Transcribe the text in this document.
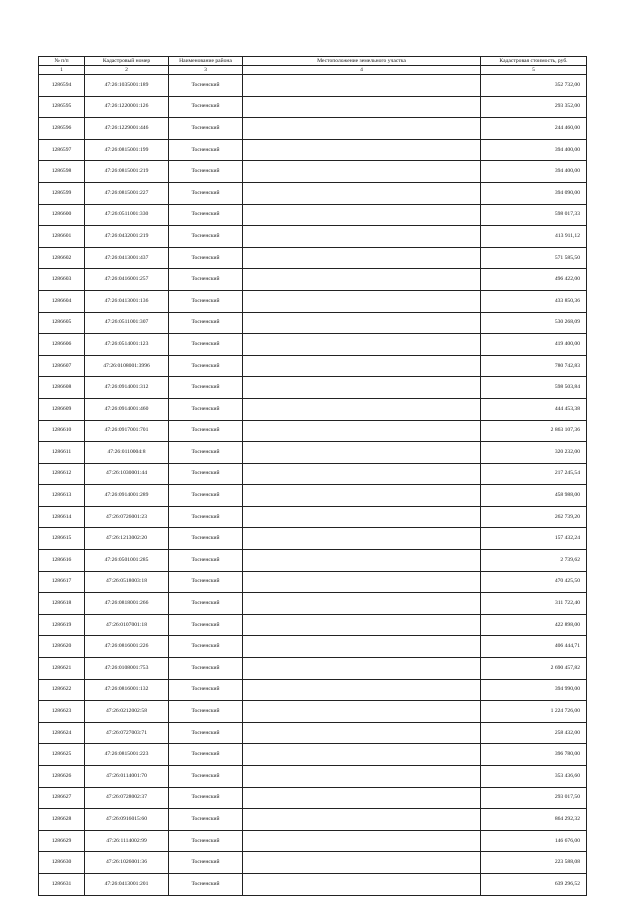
№ п/п	Кадастровый номер	Наименование района	Местоположение земельного участка	Кадастровая стоимость, руб.
1	2	3	4	5
1286594	47:26:1035001:189	Тосненский		352 732,00
1286595	47:26:1220001:126	Тосненский		293 352,00
1286596	47:26:1229001:446	Тосненский		244 460,00
1286597	47:26:0815001:199	Тосненский		394 400,00
1286598	47:26:0815001:219	Тосненский		394 400,00
1286599	47:26:0815001:227	Тосненский		394 090,00
1286600	47:26:0511001:330	Тосненский		598 017,33
1286601	47:26:0432001:219	Тосненский		413 911,12
1286602	47:26:0413001:437	Тосненский		571 585,50
1286603	47:26:0416001:257	Тосненский		496 422,00
1286604	47:26:0413001:136	Тосненский		433 850,36
1286605	47:26:0511001:307	Тосненский		530 268,09
1286606	47:26:0514001:123	Тосненский		419 400,00
1286607	47:26:0108001:3996	Тосненский		780 742,83
1286608	47:26:0914001:312	Тосненский		598 503,84
1286609	47:26:0914001:460	Тосненский		444 453,38
1286610	47:26:0917001:701	Тосненский		2 863 107,36
1286611	47:26:0110004:8	Тосненский		320 232,00
1286612	47:26:1030001:44	Тосненский		217 245,54
1286613	47:26:0914001:289	Тосненский		458 988,00
1286614	47:26:0726001:23	Тосненский		262 739,20
1286615	47:26:1213002:20	Тосненский		157 432,24
1286616	47:26:0501001:285	Тосненский		2 739,62
1286617	47:26:0518003:18	Тосненский		470 425,50
1286618	47:26:0818001:266	Тосненский		311 722,40
1286619	47:26:0107001:18	Тосненский		422 898,00
1286620	47:26:0816001:226	Тосненский		406 444,71
1286621	47:26:0108001:753	Тосненский		2 690 457,82
1286622	47:26:0816001:132	Тосненский		394 990,00
1286623	47:26:0212002:58	Тосненский		1 224 726,00
1286624	47:26:0727003:71	Тосненский		258 432,00
1286625	47:26:0815001:223	Тосненский		396 780,00
1286626	47:26:0114001:70	Тосненский		353 436,60
1286627	47:26:0728002:37	Тосненский		293 017,50
1286628	47:26:0916015:60	Тосненский		864 292,32
1286629	47:26:1114002:99	Тосненский		146 676,00
1286630	47:26:1026001:36	Тосненский		223 588,08
1286631	47:26:0413001:201	Тосненский		639 296,52
